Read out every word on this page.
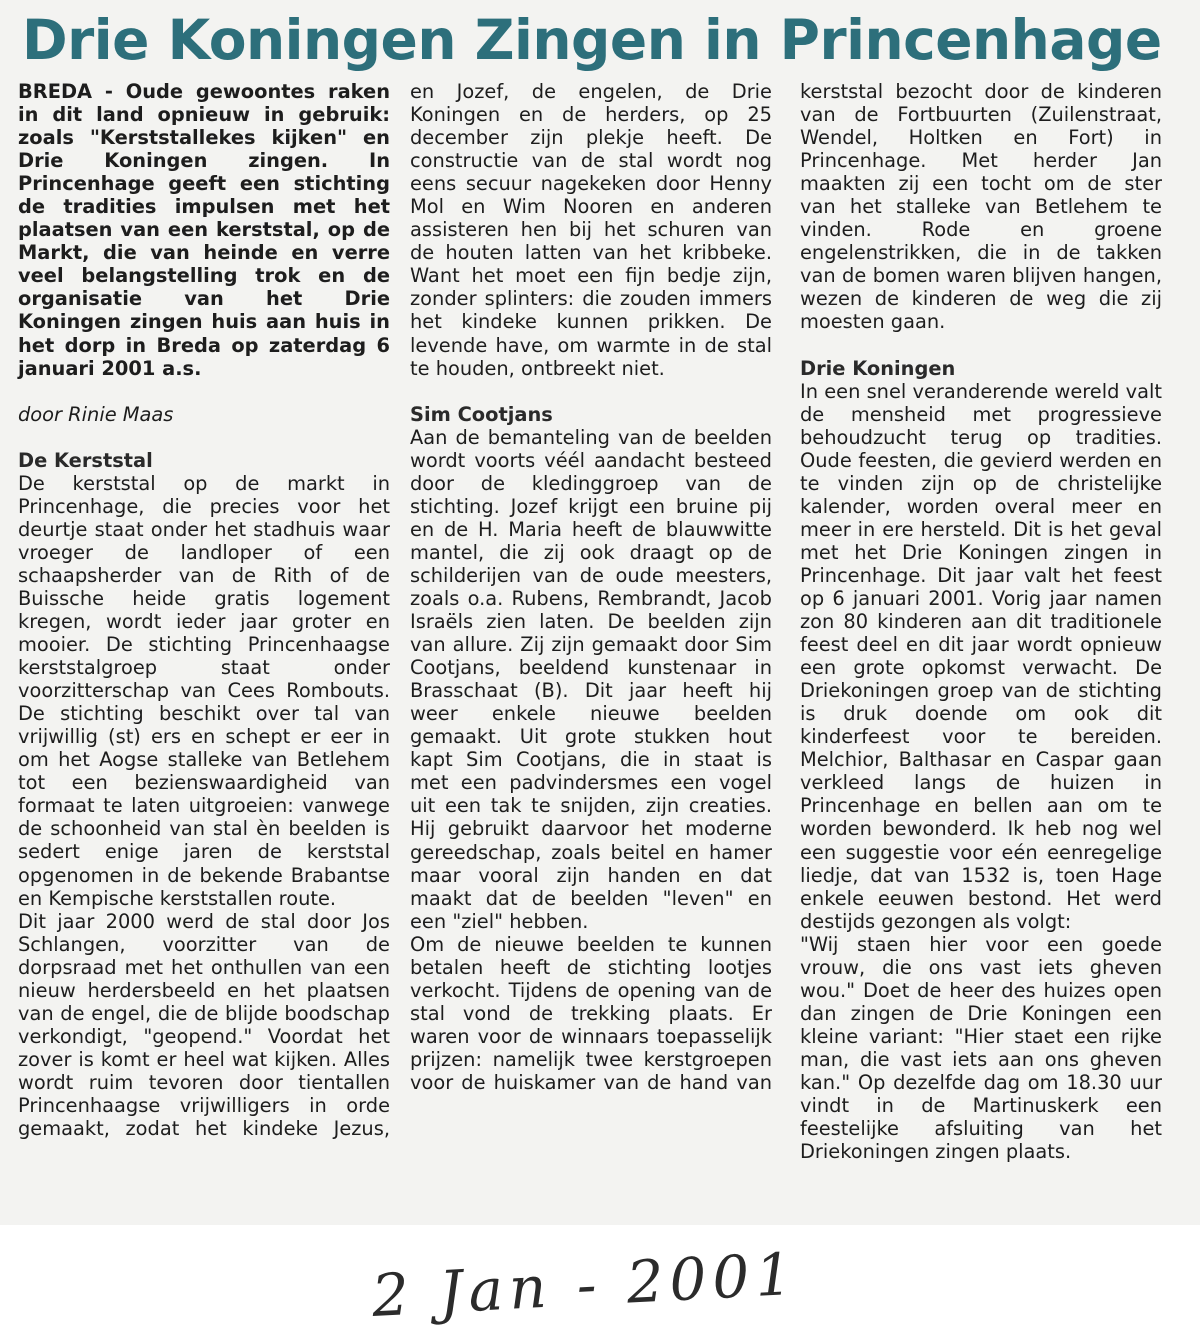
Drie Koningen Zingen in Princenhage

BREDA - Oude gewoontes raken in dit land opnieuw in gebruik: zoals "Kerststallekes kijken" en Drie Koningen zingen. In Princenhage geeft een stichting de tradities impulsen met het plaatsen van een kerststal, op de Markt, die van heinde en verre veel belangstelling trok en de organisatie van het Drie Koningen zingen huis aan huis in het dorp in Breda op zaterdag 6 januari 2001 a.s.

door Rinie Maas

De Kerststal

De kerststal op de markt in Princenhage, die precies voor het deurtje staat onder het stadhuis waar vroeger de landloper of een schaapsherder van de Rith of de Buissche heide gratis logement kregen, wordt ieder jaar groter en mooier. De stichting Princenhaagse kerststalgroep staat onder voorzitterschap van Cees Rombouts. De stichting beschikt over tal van vrijwillig (st) ers en schept er eer in om het Aogse stalleke van Betlehem tot een bezienswaardigheid van formaat te laten uitgroeien: vanwege de schoonheid van stal èn beelden is sedert enige jaren de kerststal opgenomen in de bekende Brabantse en Kempische kerststallen route.

Dit jaar 2000 werd de stal door Jos Schlangen, voorzitter van de dorpsraad met het onthullen van een nieuw herdersbeeld en het plaatsen van de engel, die de blijde boodschap verkondigt, "geopend." Voordat het zover is komt er heel wat kijken. Alles wordt ruim tevoren door tientallen Princenhaagse vrijwilligers in orde gemaakt, zodat het kindeke Jezus,

en Jozef, de engelen, de Drie Koningen en de herders, op 25 december zijn plekje heeft. De constructie van de stal wordt nog eens secuur nagekeken door Henny Mol en Wim Nooren en anderen assisteren hen bij het schuren van de houten latten van het kribbeke. Want het moet een fijn bedje zijn, zonder splinters: die zouden immers het kindeke kunnen prikken. De levende have, om warmte in de stal te houden, ontbreekt niet.

Sim Cootjans

Aan de bemanteling van de beelden wordt voorts véél aandacht besteed door de kledinggroep van de stichting. Jozef krijgt een bruine pij en de H. Maria heeft de blauwwitte mantel, die zij ook draagt op de schilderijen van de oude meesters, zoals o.a. Rubens, Rembrandt, Jacob Israëls zien laten. De beelden zijn van allure. Zij zijn gemaakt door Sim Cootjans, beeldend kunstenaar in Brasschaat (B). Dit jaar heeft hij weer enkele nieuwe beelden gemaakt. Uit grote stukken hout kapt Sim Cootjans, die in staat is met een padvindersmes een vogel uit een tak te snijden, zijn creaties. Hij gebruikt daarvoor het moderne gereedschap, zoals beitel en hamer maar vooral zijn handen en dat maakt dat de beelden "leven" en een "ziel" hebben.

Om de nieuwe beelden te kunnen betalen heeft de stichting lootjes verkocht. Tijdens de opening van de stal vond de trekking plaats. Er waren voor de winnaars toepasselijk prijzen: namelijk twee kerstgroepen voor de huiskamer van de hand van

kerststal bezocht door de kinderen van de Fortbuurten (Zuilenstraat, Wendel, Holtken en Fort) in Princenhage. Met herder Jan maakten zij een tocht om de ster van het stalleke van Betlehem te vinden. Rode en groene engelenstrikken, die in de takken van de bomen waren blijven hangen, wezen de kinderen de weg die zij moesten gaan.

Drie Koningen

In een snel veranderende wereld valt de mensheid met progressieve behoudzucht terug op tradities. Oude feesten, die gevierd werden en te vinden zijn op de christelijke kalender, worden overal meer en meer in ere hersteld. Dit is het geval met het Drie Koningen zingen in Princenhage. Dit jaar valt het feest op 6 januari 2001. Vorig jaar namen zon 80 kinderen aan dit traditionele feest deel en dit jaar wordt opnieuw een grote opkomst verwacht. De Driekoningen groep van de stichting is druk doende om ook dit kinderfeest voor te bereiden. Melchior, Balthasar en Caspar gaan verkleed langs de huizen in Princenhage en bellen aan om te worden bewonderd. Ik heb nog wel een suggestie voor eén eenregelige liedje, dat van 1532 is, toen Hage enkele eeuwen bestond. Het werd destijds gezongen als volgt:

"Wij staen hier voor een goede vrouw, die ons vast iets gheven wou." Doet de heer des huizes open dan zingen de Drie Koningen een kleine variant: "Hier staet een rijke man, die vast iets aan ons gheven kan." Op dezelfde dag om 18.30 uur vindt in de Martinuskerk een feestelijke afsluiting van het Driekoningen zingen plaats.

2 Jan - 2001
